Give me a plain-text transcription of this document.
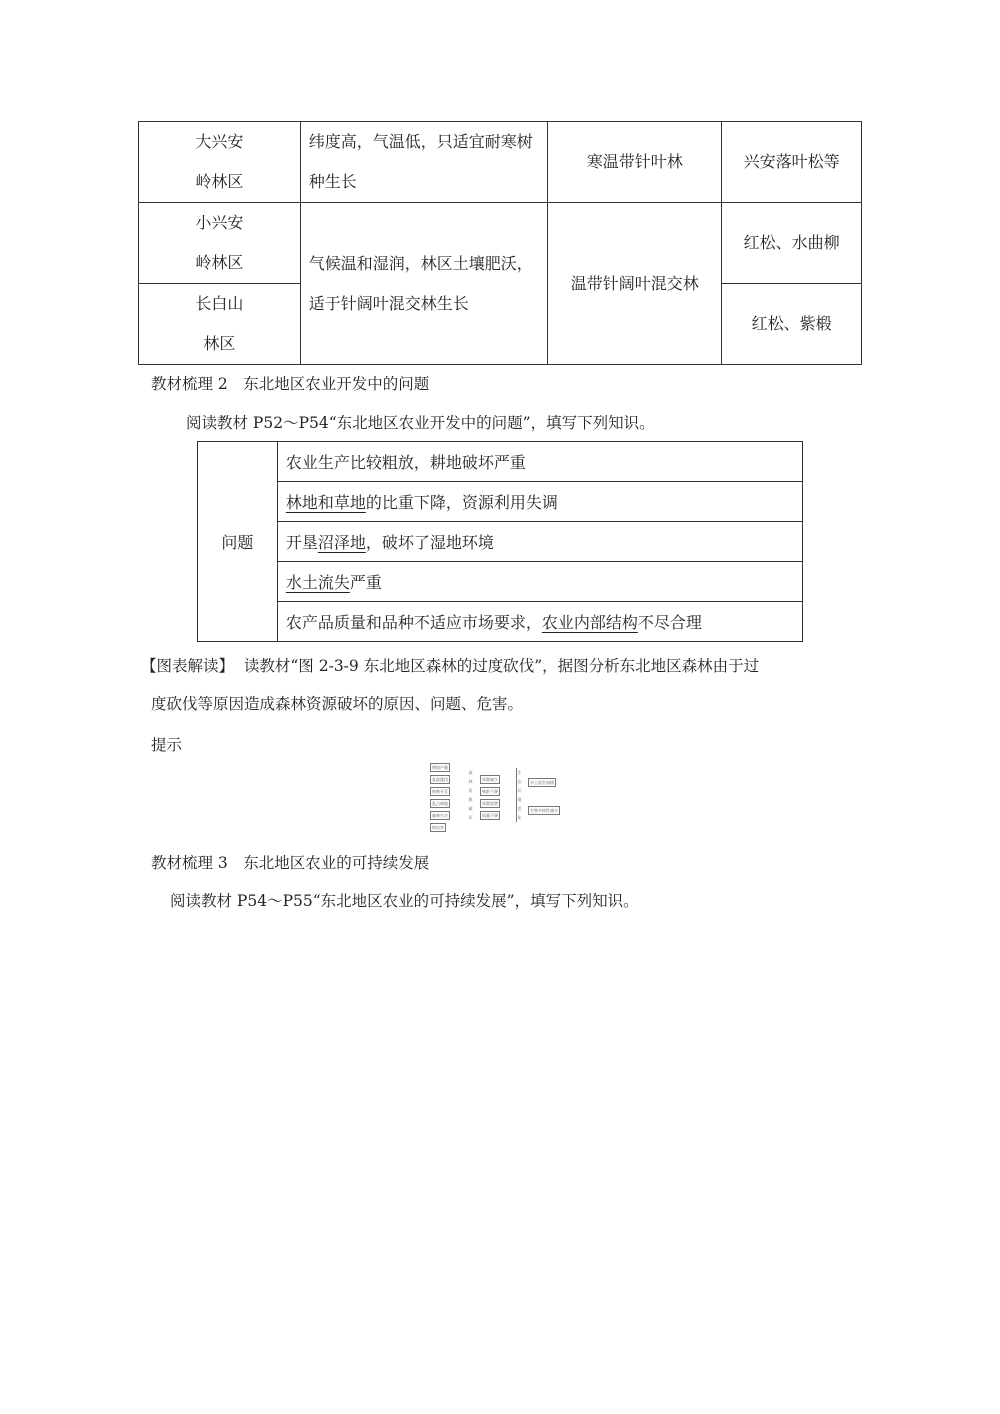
大兴安
岭林区	纬度高，气温低，只适宜耐寒树种生长	寒温带针叶林	兴安落叶松等

小兴安
岭林区	气候温和湿润，林区土壤肥沃，适于针阔叶混交林生长	温带针阔叶混交林	红松、水曲柳

长白山
林区			红松、紫椴
教材梳理 2　东北地区农业开发中的问题
阅读教材 P52～P54“东北地区农业开发中的问题”，填写下列知识。
问题	农业生产比较粗放，耕地破坏严重
林地和草地的比重下降，资源利用失调
开垦沼泽地，破坏了湿地环境
水土流失严重
农产品质量和品种不适应市场要求，农业内部结构不尽合理
【图表解读】 读教材“图 2-3-9 东北地区森林的过度砍伐”，据图分析东北地区森林由于过
度砍伐等原因造成森林资源破坏的原因、问题、危害。
提示
增加产量
乱砍滥伐
毁林开荒
乱占林地
森林火灾
病虫害
森林资源破坏
资源减少
林龄下降
资源浪费
质量下降
生态环境恶化
水土流失加剧
生物多样性减少
教材梳理 3　东北地区农业的可持续发展
阅读教材 P54～P55“东北地区农业的可持续发展”，填写下列知识。
